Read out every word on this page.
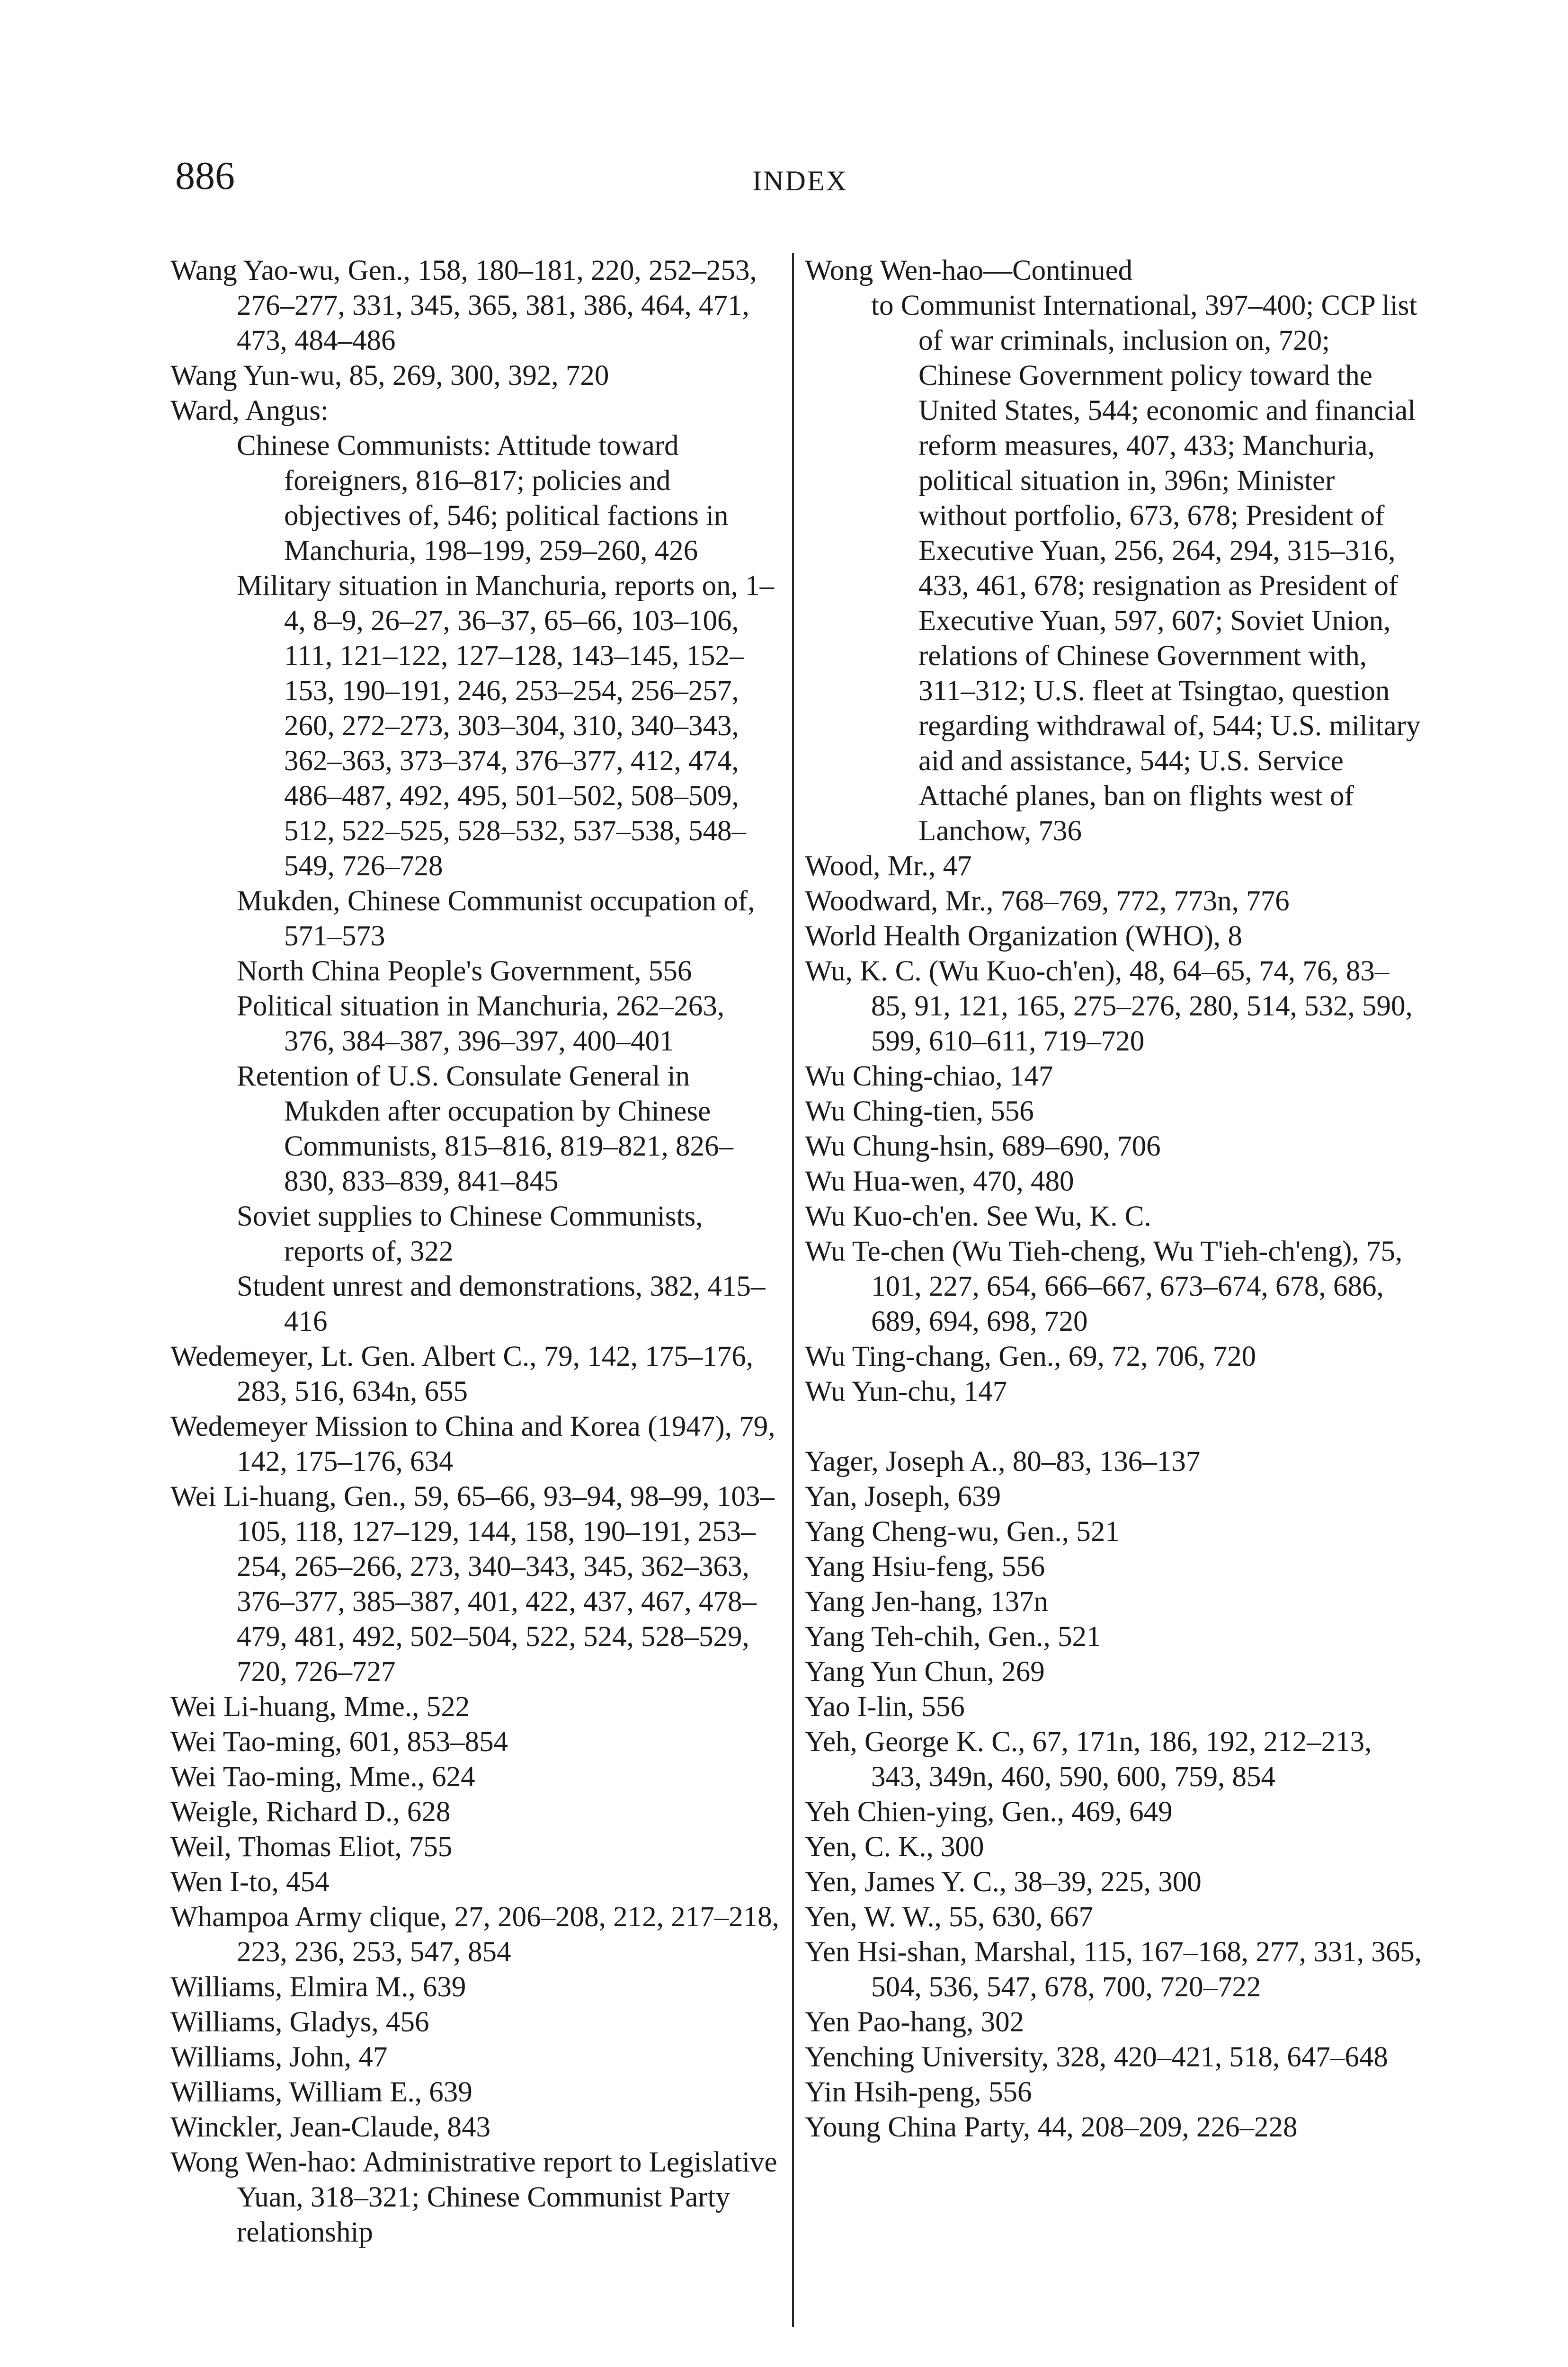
886	INDEX
Wang Yao-wu, Gen., 158, 180–181, 220, 252–253, 276–277, 331, 345, 365, 381, 386, 464, 471, 473, 484–486
Wang Yun-wu, 85, 269, 300, 392, 720
Ward, Angus:
Chinese Communists: Attitude toward foreigners, 816–817; policies and objectives of, 546; political factions in Manchuria, 198–199, 259–260, 426
Military situation in Manchuria, reports on, 1–4, 8–9, 26–27, 36–37, 65–66, 103–106, 111, 121–122, 127–128, 143–145, 152–153, 190–191, 246, 253–254, 256–257, 260, 272–273, 303–304, 310, 340–343, 362–363, 373–374, 376–377, 412, 474, 486–487, 492, 495, 501–502, 508–509, 512, 522–525, 528–532, 537–538, 548–549, 726–728
Mukden, Chinese Communist occupation of, 571–573
North China People's Government, 556
Political situation in Manchuria, 262–263, 376, 384–387, 396–397, 400–401
Retention of U.S. Consulate General in Mukden after occupation by Chinese Communists, 815–816, 819–821, 826–830, 833–839, 841–845
Soviet supplies to Chinese Communists, reports of, 322
Student unrest and demonstrations, 382, 415–416
Wedemeyer, Lt. Gen. Albert C., 79, 142, 175–176, 283, 516, 634n, 655
Wedemeyer Mission to China and Korea (1947), 79, 142, 175–176, 634
Wei Li-huang, Gen., 59, 65–66, 93–94, 98–99, 103–105, 118, 127–129, 144, 158, 190–191, 253–254, 265–266, 273, 340–343, 345, 362–363, 376–377, 385–387, 401, 422, 437, 467, 478–479, 481, 492, 502–504, 522, 524, 528–529, 720, 726–727
Wei Li-huang, Mme., 522
Wei Tao-ming, 601, 853–854
Wei Tao-ming, Mme., 624
Weigle, Richard D., 628
Weil, Thomas Eliot, 755
Wen I-to, 454
Whampoa Army clique, 27, 206–208, 212, 217–218, 223, 236, 253, 547, 854
Williams, Elmira M., 639
Williams, Gladys, 456
Williams, John, 47
Williams, William E., 639
Winckler, Jean-Claude, 843
Wong Wen-hao: Administrative report to Legislative Yuan, 318–321; Chinese Communist Party relationship
Wong Wen-hao—Continued
to Communist International, 397–400; CCP list of war criminals, inclusion on, 720; Chinese Government policy toward the United States, 544; economic and financial reform measures, 407, 433; Manchuria, political situation in, 396n; Minister without portfolio, 673, 678; President of Executive Yuan, 256, 264, 294, 315–316, 433, 461, 678; resignation as President of Executive Yuan, 597, 607; Soviet Union, relations of Chinese Government with, 311–312; U.S. fleet at Tsingtao, question regarding withdrawal of, 544; U.S. military aid and assistance, 544; U.S. Service Attaché planes, ban on flights west of Lanchow, 736
Wood, Mr., 47
Woodward, Mr., 768–769, 772, 773n, 776
World Health Organization (WHO), 8
Wu, K. C. (Wu Kuo-ch'en), 48, 64–65, 74, 76, 83–85, 91, 121, 165, 275–276, 280, 514, 532, 590, 599, 610–611, 719–720
Wu Ching-chiao, 147
Wu Ching-tien, 556
Wu Chung-hsin, 689–690, 706
Wu Hua-wen, 470, 480
Wu Kuo-ch'en. See Wu, K. C.
Wu Te-chen (Wu Tieh-cheng, Wu T'ieh-ch'eng), 75, 101, 227, 654, 666–667, 673–674, 678, 686, 689, 694, 698, 720
Wu Ting-chang, Gen., 69, 72, 706, 720
Wu Yun-chu, 147
Yager, Joseph A., 80–83, 136–137
Yan, Joseph, 639
Yang Cheng-wu, Gen., 521
Yang Hsiu-feng, 556
Yang Jen-hang, 137n
Yang Teh-chih, Gen., 521
Yang Yun Chun, 269
Yao I-lin, 556
Yeh, George K. C., 67, 171n, 186, 192, 212–213, 343, 349n, 460, 590, 600, 759, 854
Yeh Chien-ying, Gen., 469, 649
Yen, C. K., 300
Yen, James Y. C., 38–39, 225, 300
Yen, W. W., 55, 630, 667
Yen Hsi-shan, Marshal, 115, 167–168, 277, 331, 365, 504, 536, 547, 678, 700, 720–722
Yen Pao-hang, 302
Yenching University, 328, 420–421, 518, 647–648
Yin Hsih-peng, 556
Young China Party, 44, 208–209, 226–228
